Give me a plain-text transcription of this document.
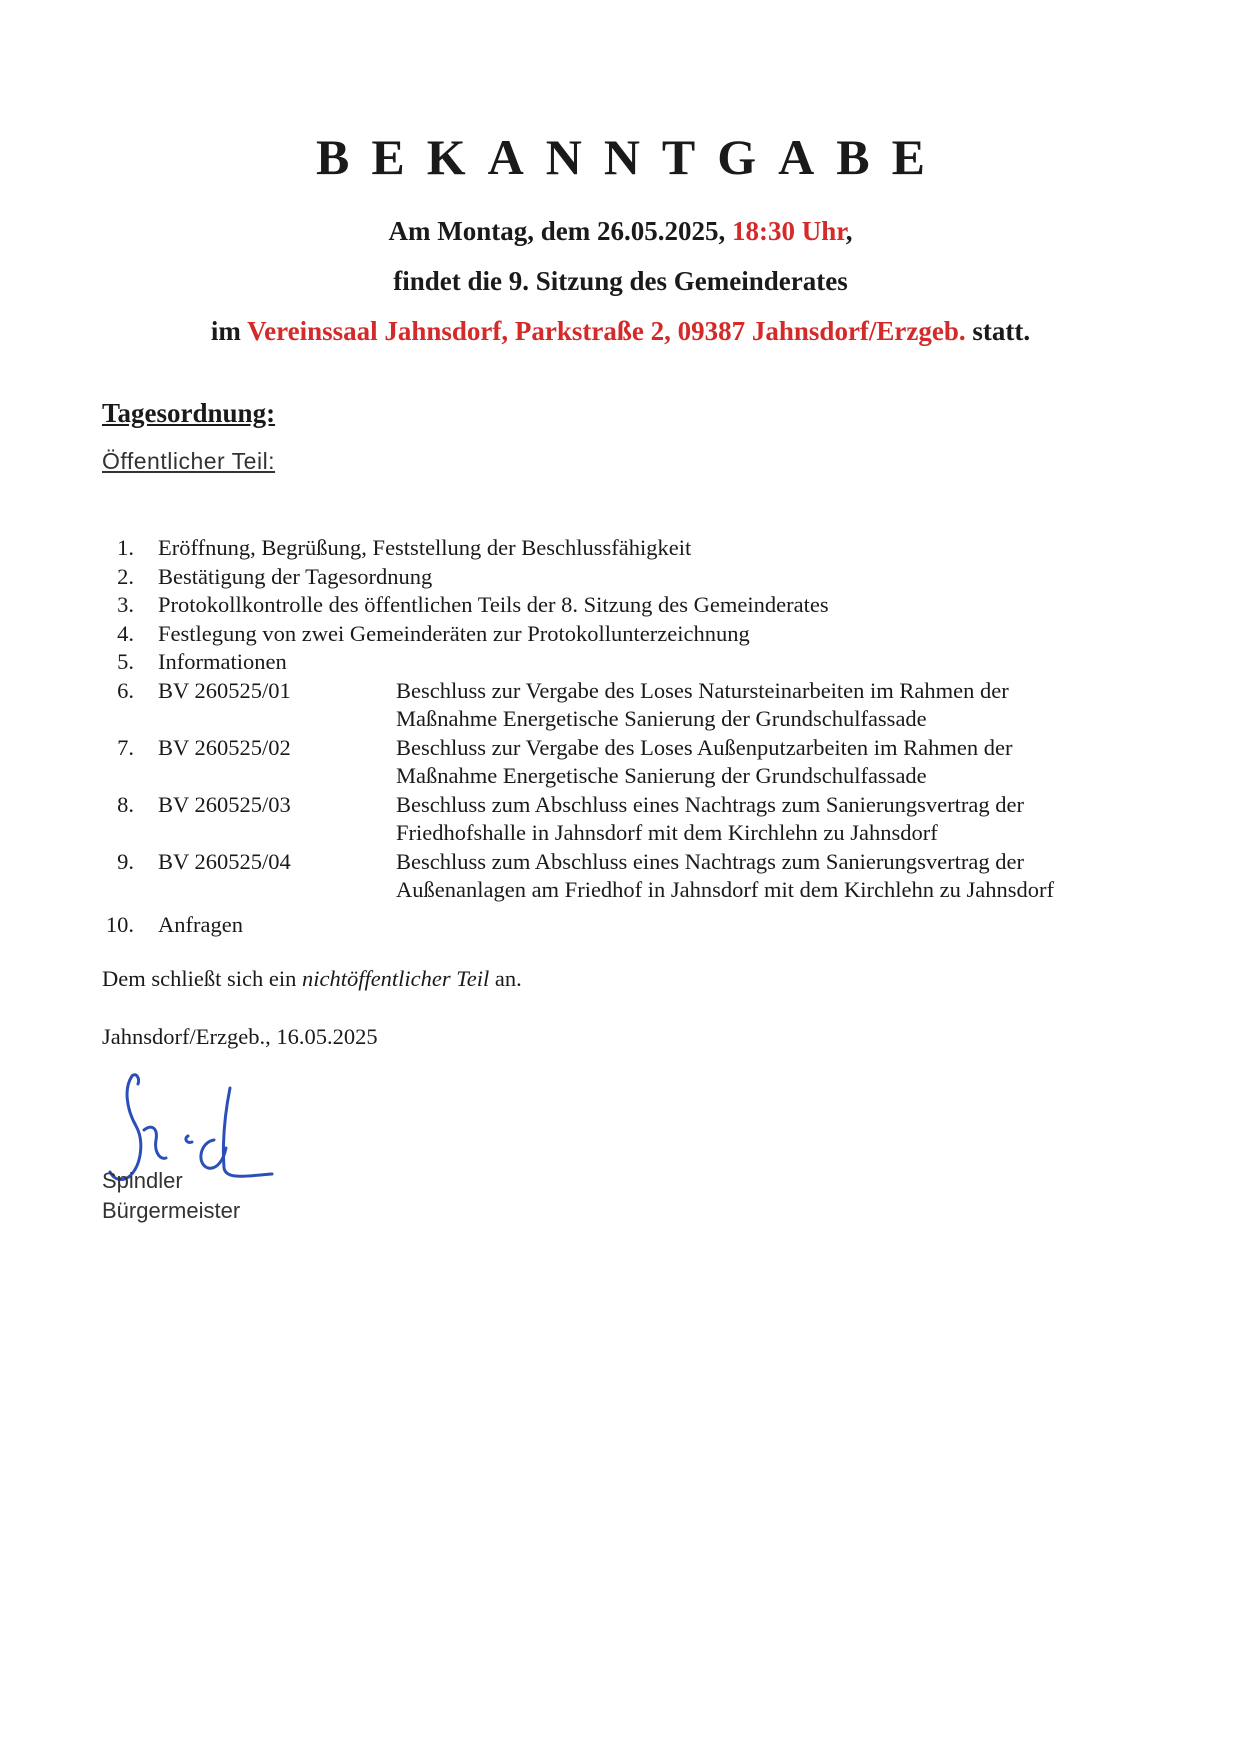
BEKANNTGABE
Am Montag, dem 26.05.2025, 18:30 Uhr,
findet die 9. Sitzung des Gemeinderates
im Vereinssaal Jahnsdorf, Parkstraße 2, 09387 Jahnsdorf/Erzgeb. statt.
Tagesordnung:
Öffentlicher Teil:
1. Eröffnung, Begrüßung, Feststellung der Beschlussfähigkeit
2. Bestätigung der Tagesordnung
3. Protokollkontrolle des öffentlichen Teils der 8. Sitzung des Gemeinderates
4. Festlegung von zwei Gemeinderäten zur Protokollunterzeichnung
5. Informationen
6. BV 260525/01	Beschluss zur Vergabe des Loses Natursteinarbeiten im Rahmen der
Maßnahme Energetische Sanierung der Grundschulfassade
7. BV 260525/02	Beschluss zur Vergabe des Loses Außenputzarbeiten im Rahmen der
Maßnahme Energetische Sanierung der Grundschulfassade
8. BV 260525/03	Beschluss zum Abschluss eines Nachtrags zum Sanierungsvertrag der
Friedhofshalle in Jahnsdorf mit dem Kirchlehn zu Jahnsdorf
9. BV 260525/04	Beschluss zum Abschluss eines Nachtrags zum Sanierungsvertrag der
Außenanlagen am Friedhof in Jahnsdorf mit dem Kirchlehn zu Jahnsdorf
10. Anfragen
Dem schließt sich ein nichtöffentlicher Teil an.
Jahnsdorf/Erzgeb., 16.05.2025
Spindler
Bürgermeister
